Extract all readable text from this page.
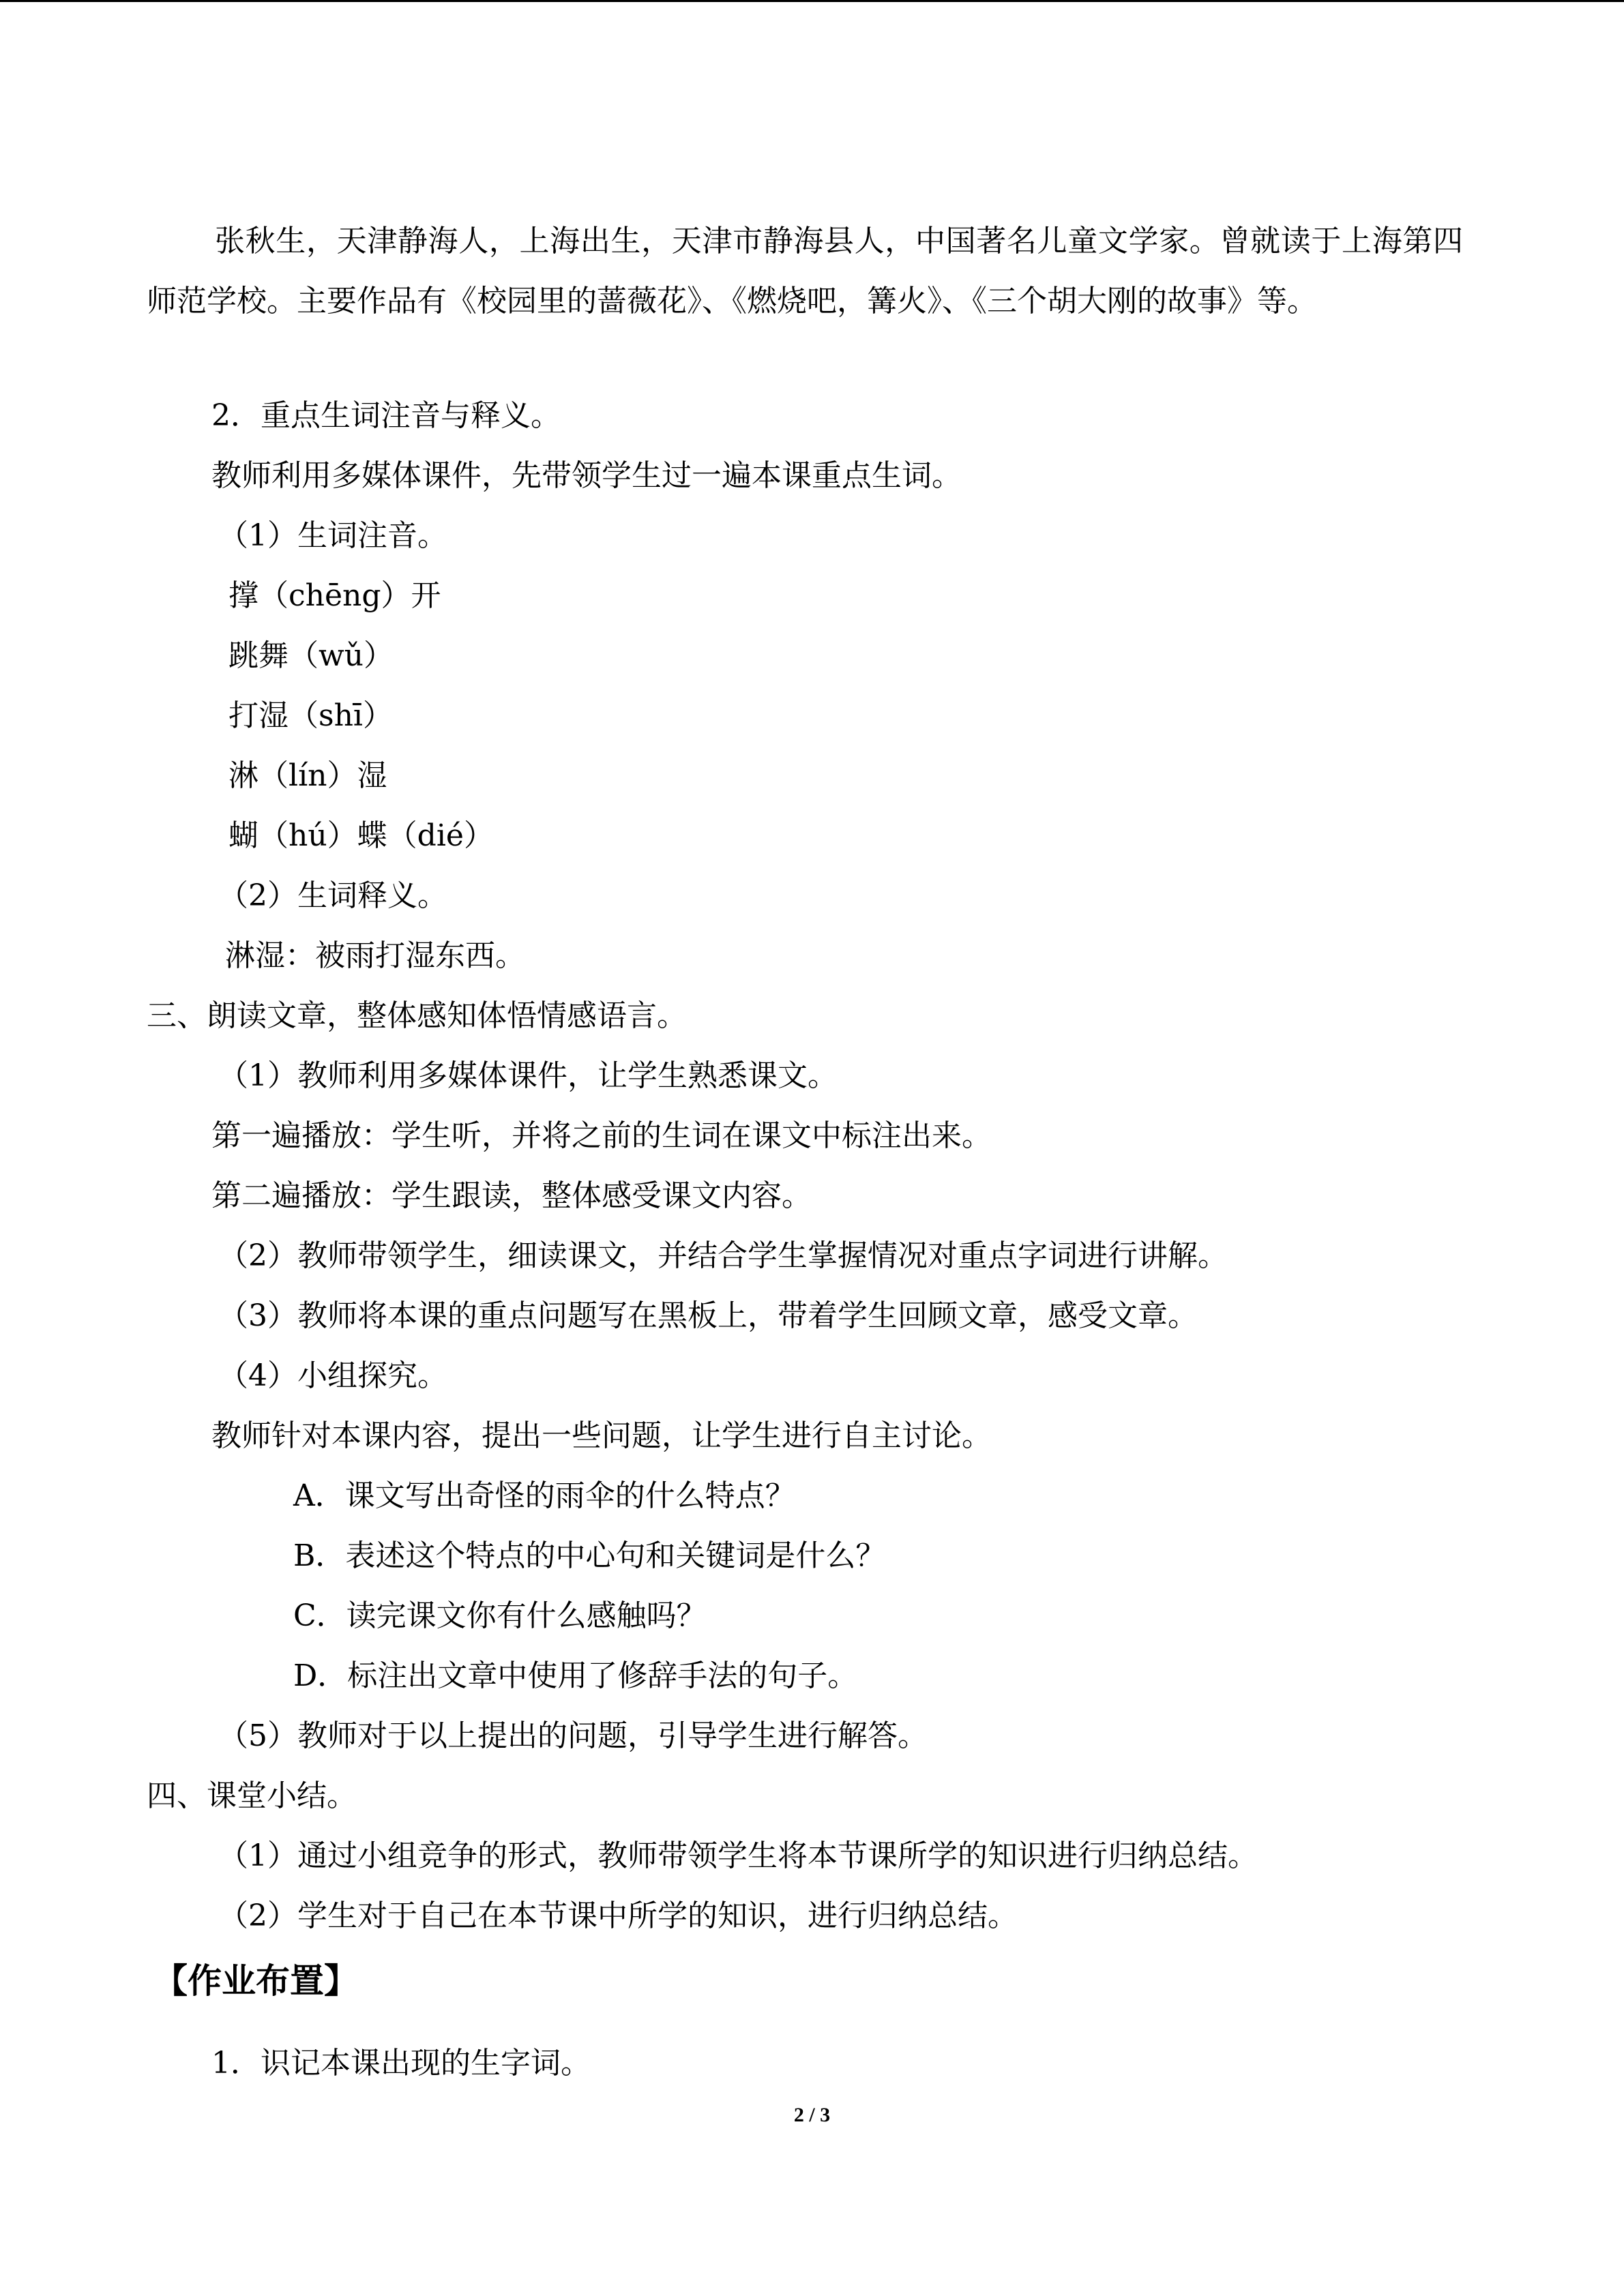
张秋生，天津静海人，上海出生，天津市静海县人，中国著名儿童文学家。曾就读于上海第四师范学校。主要作品有《校园里的蔷薇花》、《燃烧吧，篝火》、《三个胡大刚的故事》等。
2．重点生词注音与释义。
教师利用多媒体课件，先带领学生过一遍本课重点生词。
（1）生词注音。
撑（chēng）开
跳舞（wǔ）
打湿（shī）
淋（lín）湿
蝴（hú）蝶（dié）
（2）生词释义。
淋湿：被雨打湿东西。
三、朗读文章，整体感知体悟情感语言。
（1）教师利用多媒体课件，让学生熟悉课文。
第一遍播放：学生听，并将之前的生词在课文中标注出来。
第二遍播放：学生跟读，整体感受课文内容。
（2）教师带领学生，细读课文，并结合学生掌握情况对重点字词进行讲解。
（3）教师将本课的重点问题写在黑板上，带着学生回顾文章，感受文章。
（4）小组探究。
教师针对本课内容，提出一些问题，让学生进行自主讨论。
A．课文写出奇怪的雨伞的什么特点？
B．表述这个特点的中心句和关键词是什么？
C．读完课文你有什么感触吗？
D．标注出文章中使用了修辞手法的句子。
（5）教师对于以上提出的问题，引导学生进行解答。
四、课堂小结。
（1）通过小组竞争的形式，教师带领学生将本节课所学的知识进行归纳总结。
（2）学生对于自己在本节课中所学的知识，进行归纳总结。
【作业布置】
1．识记本课出现的生字词。
2 / 3
